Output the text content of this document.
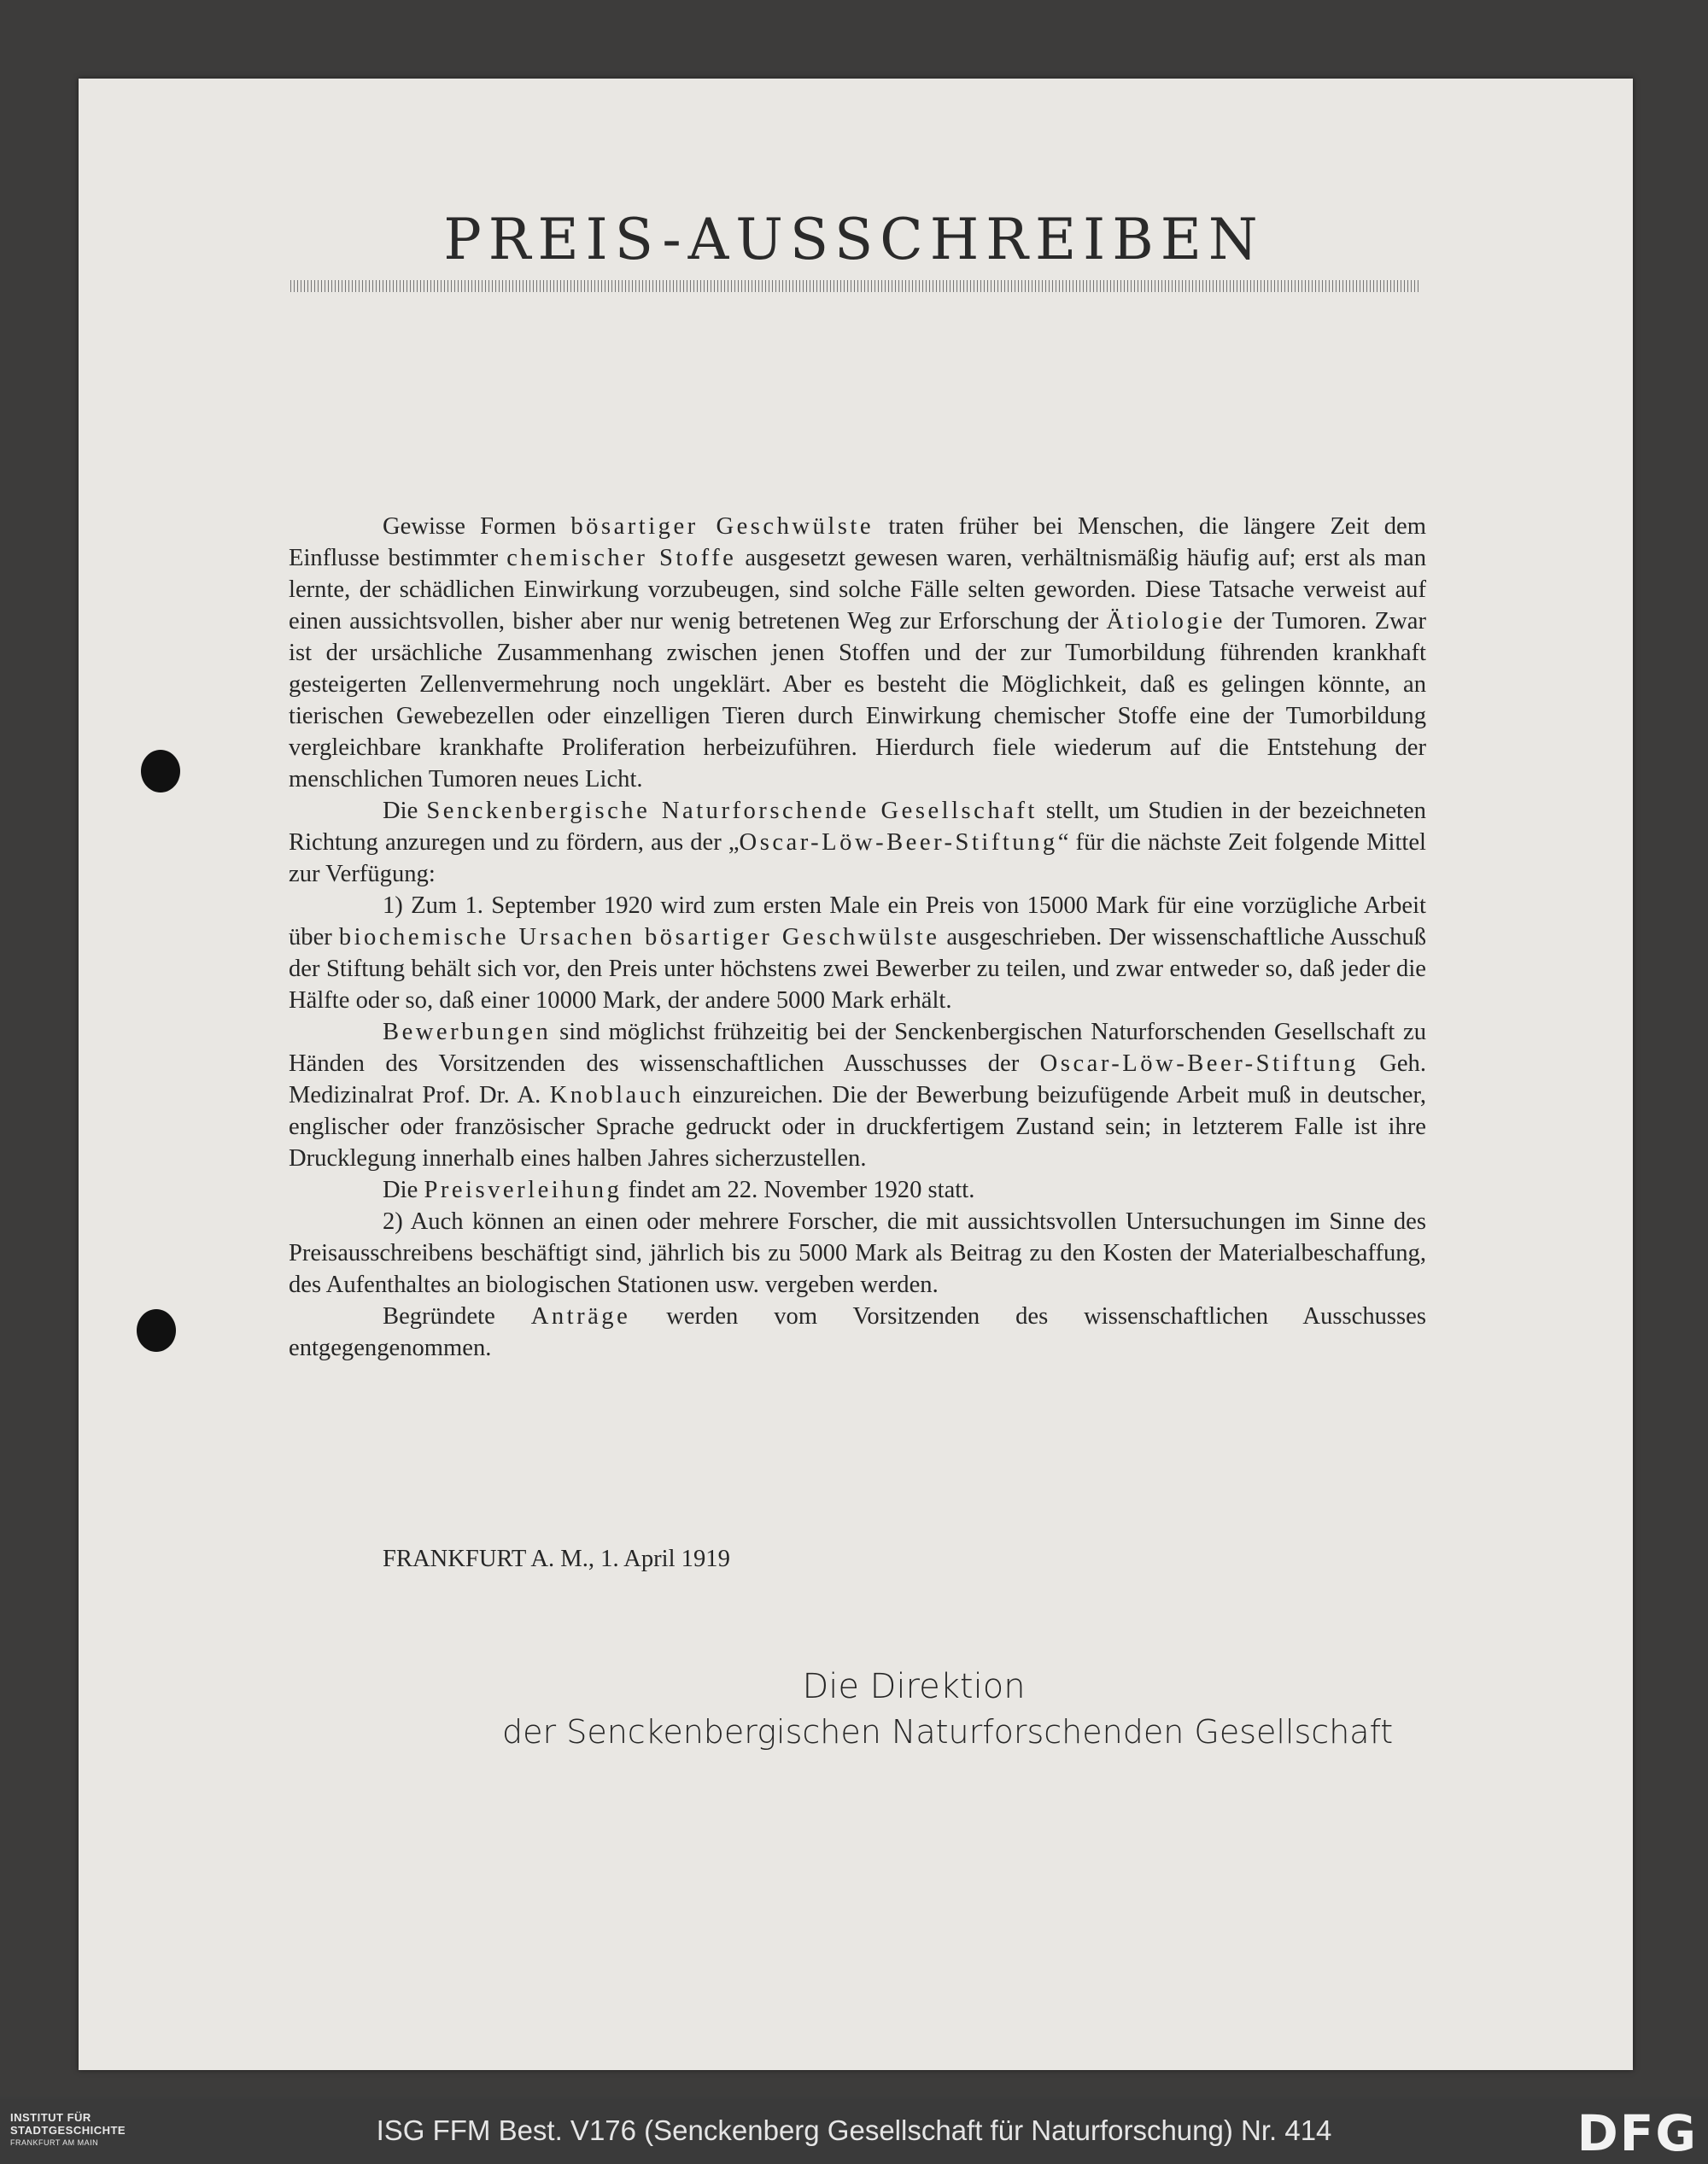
PREIS-AUSSCHREIBEN

Gewisse Formen bösartiger Geschwülste traten früher bei Menschen, die längere Zeit dem Einflusse bestimmter chemischer Stoffe ausgesetzt gewesen waren, verhältnismäßig häufig auf; erst als man lernte, der schädlichen Einwirkung vorzubeugen, sind solche Fälle selten geworden. Diese Tatsache verweist auf einen aussichtsvollen, bisher aber nur wenig betretenen Weg zur Erforschung der Ätiologie der Tumoren. Zwar ist der ursächliche Zusammenhang zwischen jenen Stoffen und der zur Tumorbildung führenden krankhaft gesteigerten Zellenvermehrung noch ungeklärt. Aber es besteht die Möglichkeit, daß es gelingen könnte, an tierischen Gewebezellen oder einzelligen Tieren durch Einwirkung chemischer Stoffe eine der Tumorbildung vergleichbare krankhafte Proliferation herbeizuführen. Hierdurch fiele wiederum auf die Entstehung der menschlichen Tumoren neues Licht.

Die Senckenbergische Naturforschende Gesellschaft stellt, um Studien in der bezeichneten Richtung anzuregen und zu fördern, aus der „Oscar-Löw-Beer-Stiftung“ für die nächste Zeit folgende Mittel zur Verfügung:

1) Zum 1. September 1920 wird zum ersten Male ein Preis von 15000 Mark für eine vorzügliche Arbeit über biochemische Ursachen bösartiger Geschwülste ausgeschrieben. Der wissenschaftliche Ausschuß der Stiftung behält sich vor, den Preis unter höchstens zwei Bewerber zu teilen, und zwar entweder so, daß jeder die Hälfte oder so, daß einer 10000 Mark, der andere 5000 Mark erhält.

Bewerbungen sind möglichst frühzeitig bei der Senckenbergischen Naturforschenden Gesellschaft zu Händen des Vorsitzenden des wissenschaftlichen Ausschusses der Oscar-Löw-Beer-Stiftung Geh. Medizinalrat Prof. Dr. A. Knoblauch einzureichen. Die der Bewerbung beizufügende Arbeit muß in deutscher, englischer oder französischer Sprache gedruckt oder in druckfertigem Zustand sein; in letzterem Falle ist ihre Drucklegung innerhalb eines halben Jahres sicherzustellen.

Die Preisverleihung findet am 22. November 1920 statt.

2) Auch können an einen oder mehrere Forscher, die mit aussichtsvollen Untersuchungen im Sinne des Preisausschreibens beschäftigt sind, jährlich bis zu 5000 Mark als Beitrag zu den Kosten der Materialbeschaffung, des Aufenthaltes an biologischen Stationen usw. vergeben werden.

Begründete Anträge werden vom Vorsitzenden des wissenschaftlichen Ausschusses entgegengenommen.

FRANKFURT A. M., 1. April 1919

Die Direktion

der Senckenbergischen Naturforschenden Gesellschaft

INSTITUT FÜR
STADTGESCHICHTE
FRANKFURT AM MAIN	ISG FFM Best. V176 (Senckenberg Gesellschaft für Naturforschung) Nr. 414	DFG
